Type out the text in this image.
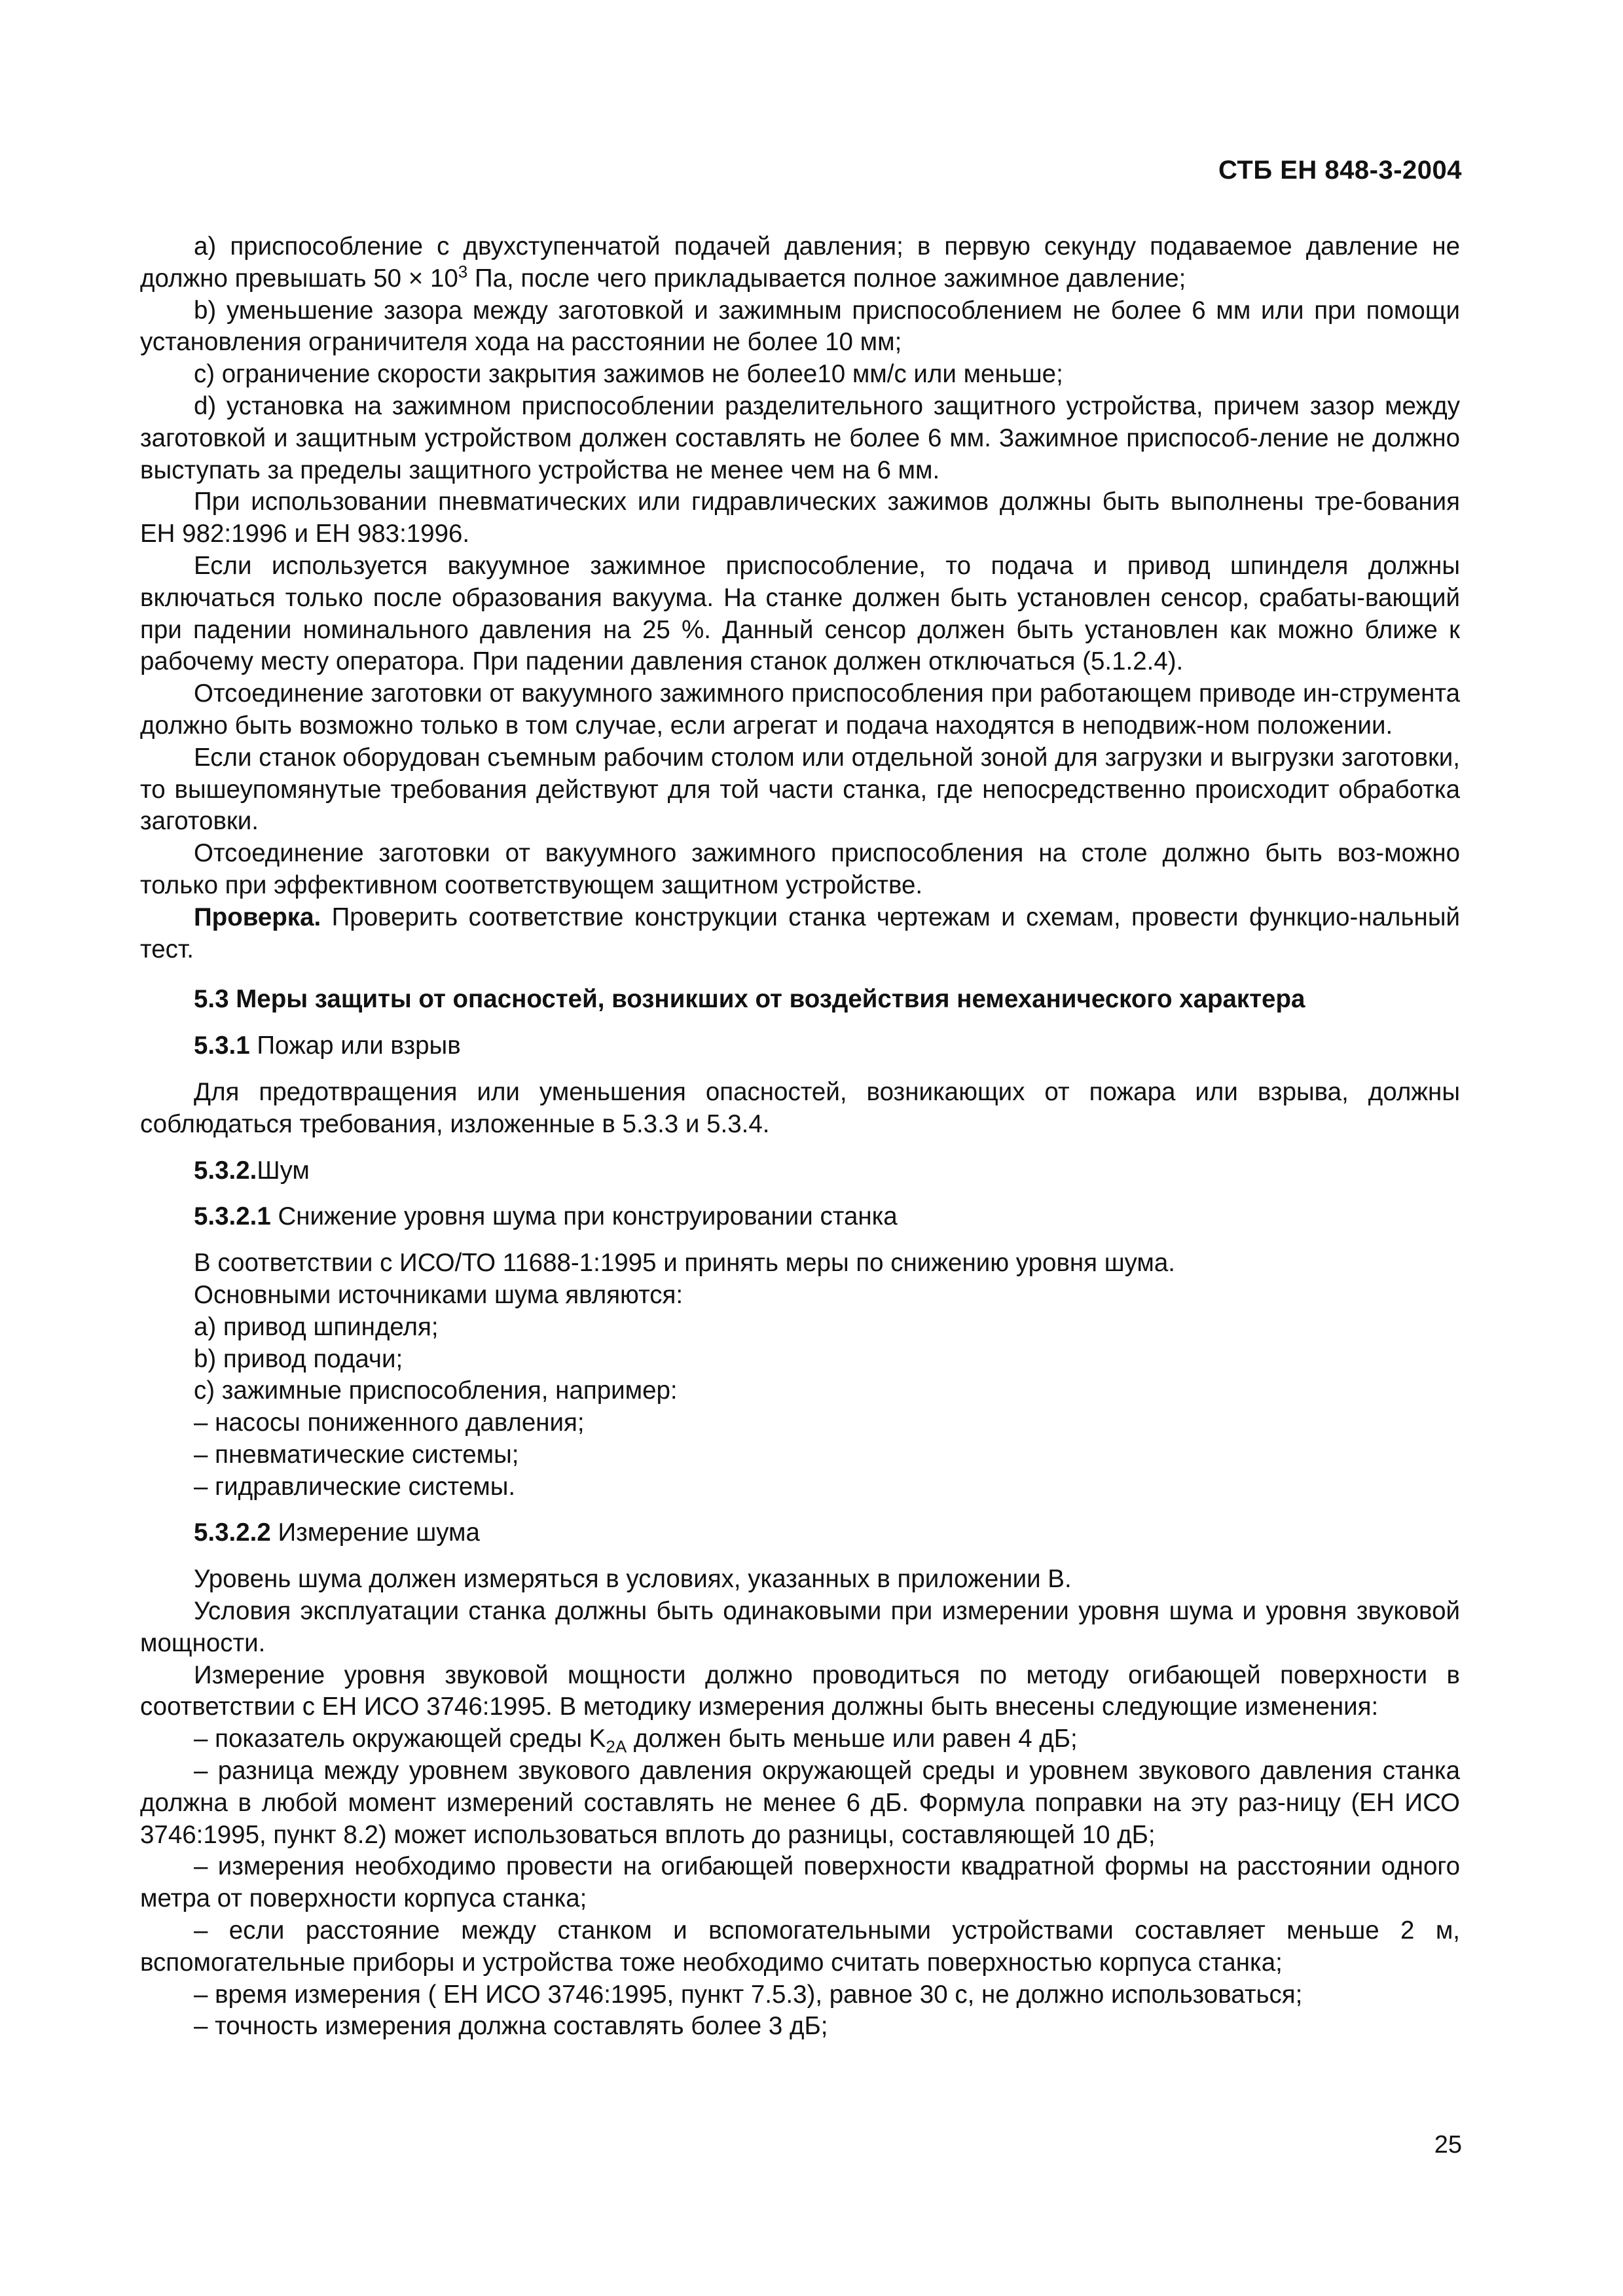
СТБ ЕН 848-3-2004

а) приспособление с двухступенчатой подачей давления; в первую секунду подаваемое давление не должно превышать $50 \times 10^3$ Па, после чего прикладывается полное зажимное давление;

b) уменьшение зазора между заготовкой и зажимным приспособлением не более 6 мм или при помощи установления ограничителя хода на расстоянии не более 10 мм;

c) ограничение скорости закрытия зажимов не более10 мм/с или меньше;

d) установка на зажимном приспособлении разделительного защитного устройства, причем зазор между заготовкой и защитным устройством должен составлять не более 6 мм. Зажимное приспособ-ление не должно выступать за пределы защитного устройства не менее чем на 6 мм.

При использовании пневматических или гидравлических зажимов должны быть выполнены тре-бования ЕН 982:1996 и ЕН 983:1996.

Если используется вакуумное зажимное приспособление, то подача и привод шпинделя должны включаться только после образования вакуума. На станке должен быть установлен сенсор, срабаты-вающий при падении номинального давления на 25 %. Данный сенсор должен быть установлен как можно ближе к рабочему месту оператора. При падении давления станок должен отключаться (5.1.2.4).

Отсоединение заготовки от вакуумного зажимного приспособления при работающем приводе ин-струмента должно быть возможно только в том случае, если агрегат и подача находятся в неподвиж-ном положении.

Если станок оборудован съемным рабочим столом или отдельной зоной для загрузки и выгрузки заготовки, то вышеупомянутые требования действуют для той части станка, где непосредственно происходит обработка заготовки.

Отсоединение заготовки от вакуумного зажимного приспособления на столе должно быть воз-можно только при эффективном соответствующем защитном устройстве.

Проверка. Проверить соответствие конструкции станка чертежам и схемам, провести функцио-нальный тест.

5.3 Меры защиты от опасностей, возникших от воздействия немеханического характера

5.3.1 Пожар или взрыв

Для предотвращения или уменьшения опасностей, возникающих от пожара или взрыва, должны соблюдаться требования, изложенные в 5.3.3 и 5.3.4.

5.3.2.Шум

5.3.2.1 Снижение уровня шума при конструировании станка

В соответствии с ИСО/ТО 11688-1:1995 и принять меры по снижению уровня шума.

Основными источниками шума являются:

а) привод шпинделя;

b) привод подачи;

c) зажимные приспособления, например:

– насосы пониженного давления;

– пневматические системы;

– гидравлические системы.

5.3.2.2 Измерение шума

Уровень шума должен измеряться в условиях, указанных в приложении В.

Условия эксплуатации станка должны быть одинаковыми при измерении уровня шума и уровня звуковой мощности.

Измерение уровня звуковой мощности должно проводиться по методу огибающей поверхности в соответствии с ЕН ИСО 3746:1995. В методику измерения должны быть внесены следующие изменения:

– показатель окружающей среды $K_{2A}$ должен быть меньше или равен 4 дБ;

– разница между уровнем звукового давления окружающей среды и уровнем звукового давления станка должна в любой момент измерений составлять не менее 6 дБ. Формула поправки на эту раз-ницу (ЕН ИСО 3746:1995, пункт 8.2) может использоваться вплоть до разницы, составляющей 10 дБ;

– измерения необходимо провести на огибающей поверхности квадратной формы на расстоянии одного метра от поверхности корпуса станка;

– если расстояние между станком и вспомогательными устройствами составляет меньше 2 м, вспомогательные приборы и устройства тоже необходимо считать поверхностью корпуса станка;

– время измерения ( ЕН ИСО 3746:1995, пункт 7.5.3), равное 30 с, не должно использоваться;

– точность измерения должна составлять более 3 дБ;

25
